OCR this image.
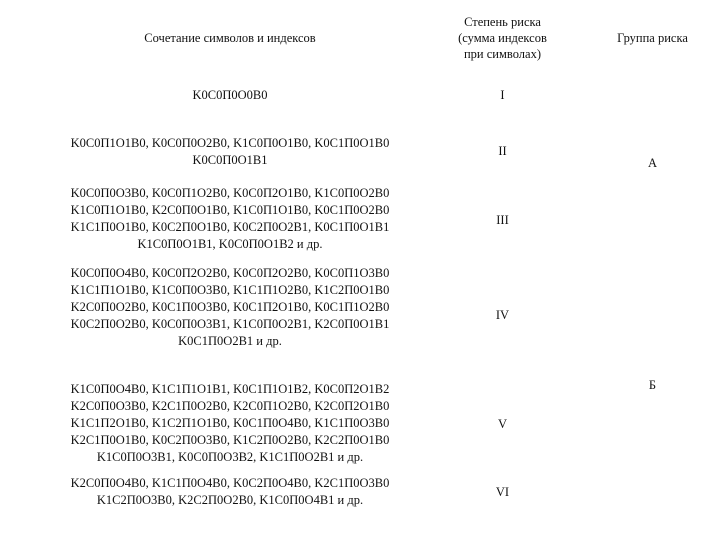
Сочетание символов и индексов
Степень риска
(сумма индексов
при символах)
Группа риска
K0C0П0O0B0	I
K0C0П1O1B0, K0C0П0O2B0, K1C0П0O1B0, K0C1П0O1B0
K0C0П0O1B1
II
K0C0П0O3B0, K0C0П1O2B0, K0C0П2O1B0, K1C0П0O2B0
K1C0П1O1B0, K2C0П0O1B0, K1C0П1O1B0, K0C1П0O2B0
K1C1П0O1B0, K0C2П0O1B0, K0C2П0O2B1, K0C1П0O1B1
K1C0П0O1B1, K0C0П0O1B2 и др.
III
K0C0П0O4B0, K0C0П2O2B0, K0C0П2O2B0, K0C0П1O3B0
K1C1П1O1B0, K1C0П0O3B0, K1C1П1O2B0, K1C2П0O1B0
K2C0П0O2B0, K0C1П0O3B0, K0C1П2O1B0, K0C1П1O2B0
K0C2П0O2B0, K0C0П0O3B1, K1C0П0O2B1, K2C0П0O1B1
K0C1П0O2B1 и др.
IV
K1C0П0O4B0, K1C1П1O1B1, K0C1П1O1B2, K0C0П2O1B2
K2C0П0O3B0, K2C1П0O2B0, K2C0П1O2B0, K2C0П2O1B0
K1C1П2O1B0, K1C2П1O1B0, K0C1П0O4B0, K1C1П0O3B0
K2C1П0O1B0, K0C2П0O3B0, K1C2П0O2B0, K2C2П0O1B0
K1C0П0O3B1, K0C0П0O3B2, K1C1П0O2B1 и др.
V
K2C0П0O4B0, K1C1П0O4B0, K0C2П0O4B0, K2C1П0O3B0
K1C2П0O3B0, K2C2П0O2B0, K1C0П0O4B1 и др.
VI
А
Б
